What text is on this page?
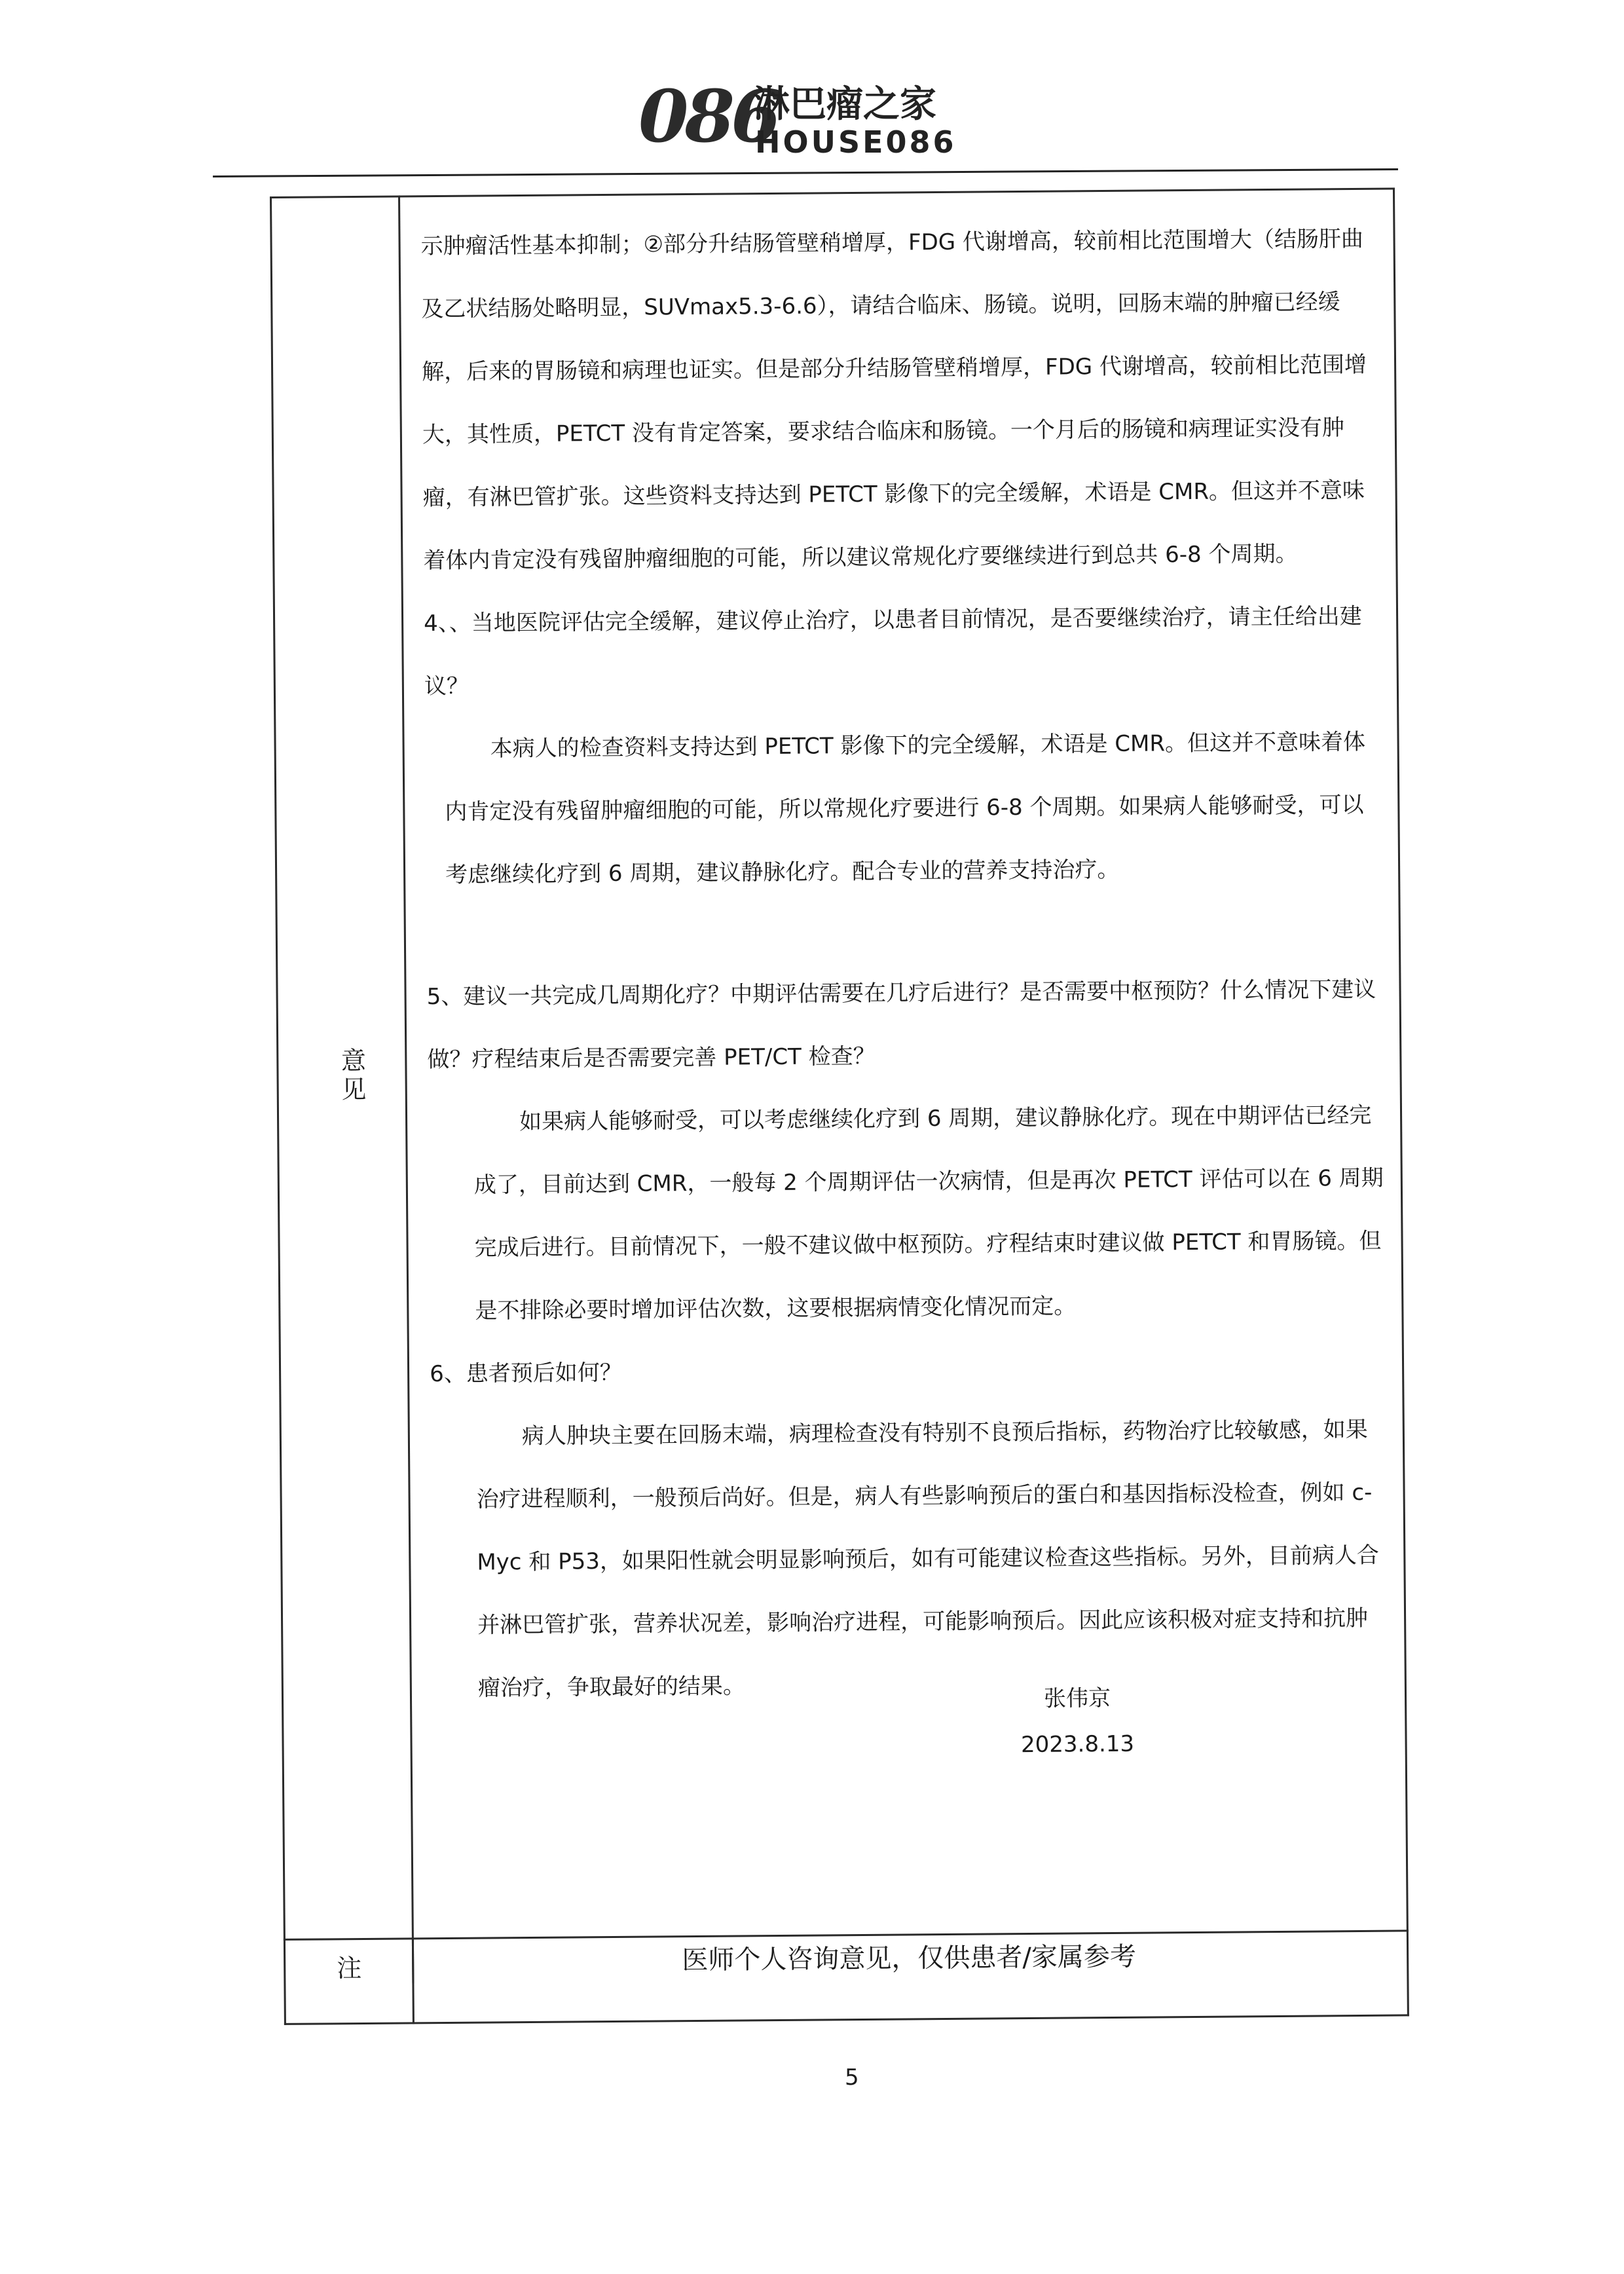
086
淋巴瘤之家
HOUSE086
意见

示肿瘤活性基本抑制；②部分升结肠管壁稍增厚，FDG 代谢增高，较前相比范围增大（结肠肝曲及乙状结肠处略明显，SUVmax5.3-6.6），请结合临床、肠镜。说明，回肠末端的肿瘤已经缓解，后来的胃肠镜和病理也证实。但是部分升结肠管壁稍增厚，FDG 代谢增高，较前相比范围增大，其性质，PETCT 没有肯定答案，要求结合临床和肠镜。一个月后的肠镜和病理证实没有肿瘤，有淋巴管扩张。这些资料支持达到 PETCT 影像下的完全缓解，术语是 CMR。但这并不意味着体内肯定没有残留肿瘤细胞的可能，所以建议常规化疗要继续进行到总共 6-8 个周期。

4、、当地医院评估完全缓解，建议停止治疗，以患者目前情况，是否要继续治疗，请主任给出建议？

本病人的检查资料支持达到 PETCT 影像下的完全缓解，术语是 CMR。但这并不意味着体内肯定没有残留肿瘤细胞的可能，所以常规化疗要进行 6-8 个周期。如果病人能够耐受，可以考虑继续化疗到 6 周期，建议静脉化疗。配合专业的营养支持治疗。

5、建议一共完成几周期化疗？中期评估需要在几疗后进行？是否需要中枢预防？什么情况下建议做？疗程结束后是否需要完善 PET/CT 检查？

如果病人能够耐受，可以考虑继续化疗到 6 周期，建议静脉化疗。现在中期评估已经完成了，目前达到 CMR，一般每 2 个周期评估一次病情，但是再次 PETCT 评估可以在 6 周期完成后进行。目前情况下，一般不建议做中枢预防。疗程结束时建议做 PETCT 和胃肠镜。但是不排除必要时增加评估次数，这要根据病情变化情况而定。

6、患者预后如何？

病人肿块主要在回肠末端，病理检查没有特别不良预后指标，药物治疗比较敏感，如果治疗进程顺利，一般预后尚好。但是，病人有些影响预后的蛋白和基因指标没检查，例如 c-Myc 和 P53，如果阳性就会明显影响预后，如有可能建议检查这些指标。另外，目前病人合并淋巴管扩张，营养状况差，影响治疗进程，可能影响预后。因此应该积极对症支持和抗肿瘤治疗，争取最好的结果。	张伟京
2023.8.13
注	医师个人咨询意见，仅供患者/家属参考
5
